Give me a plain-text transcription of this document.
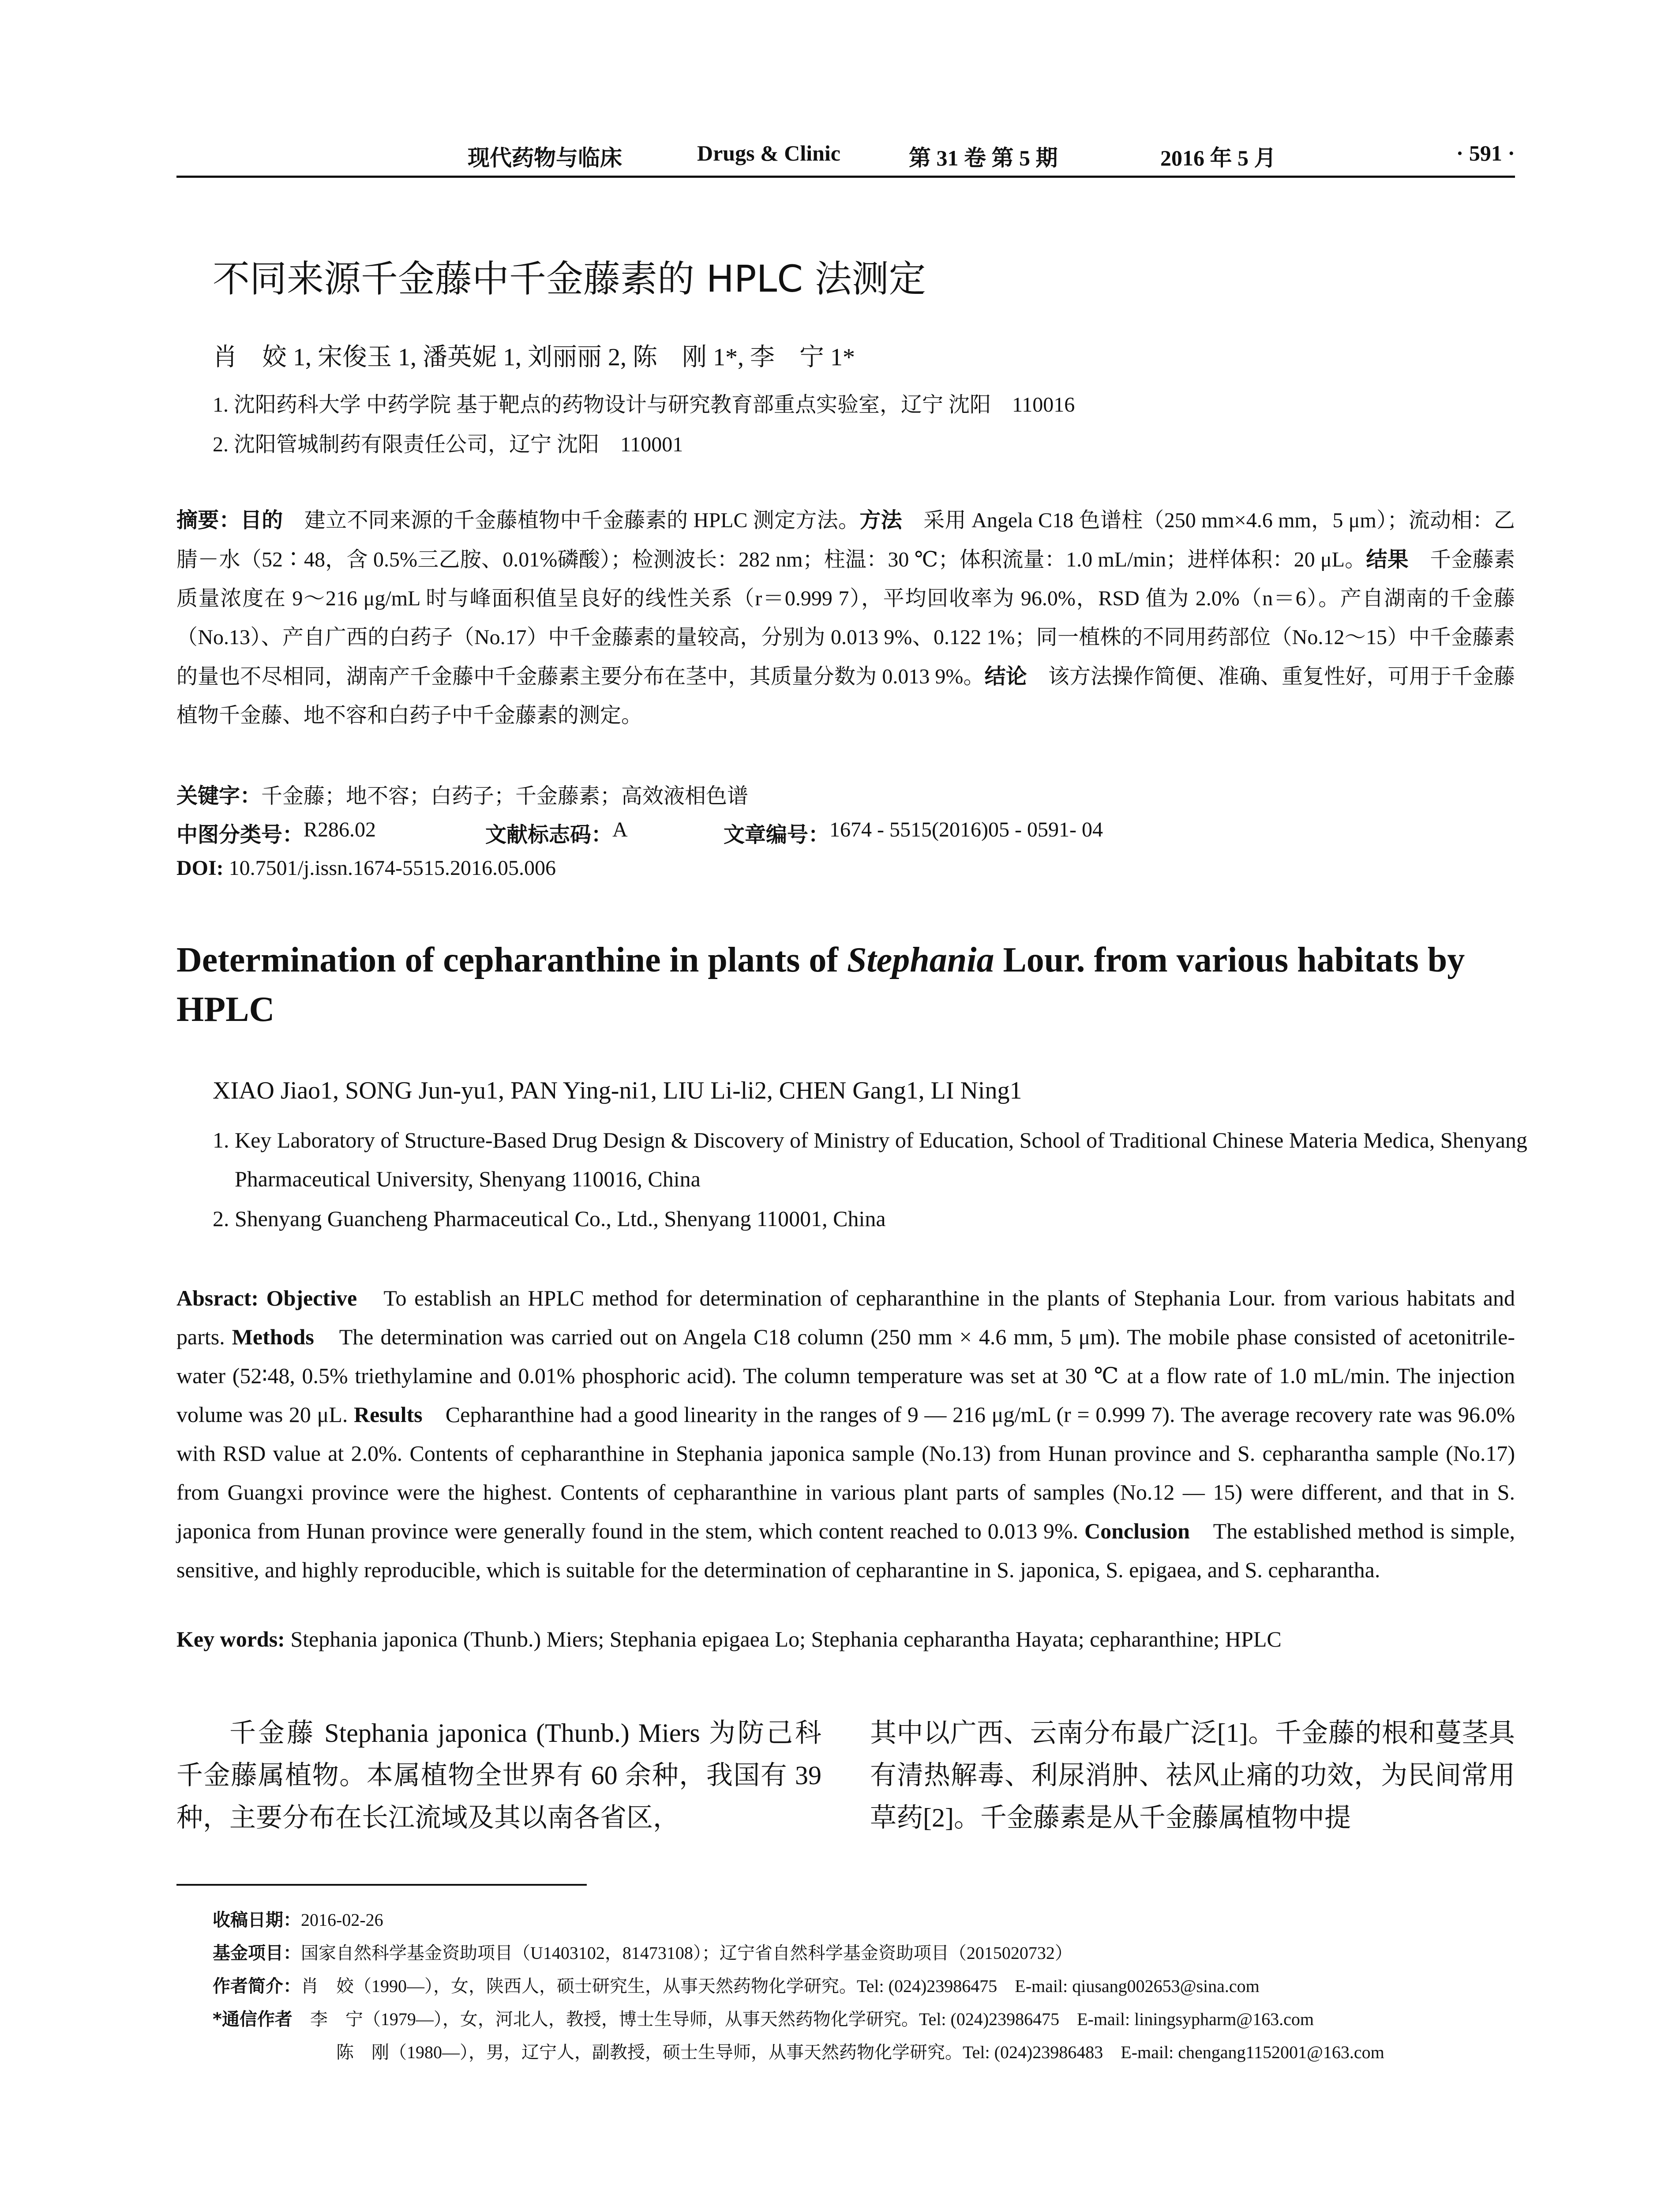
现代药物与临床	Drugs & Clinic	第 31 卷 第 5 期	2016 年 5 月	· 591 ·
不同来源千金藤中千金藤素的 HPLC 法测定
肖　姣 1, 宋俊玉 1, 潘英妮 1, 刘丽丽 2, 陈　刚 1*, 李　宁 1*
1. 沈阳药科大学 中药学院 基于靶点的药物设计与研究教育部重点实验室，辽宁 沈阳　110016
2. 沈阳管城制药有限责任公司，辽宁 沈阳　110001
摘要：目的　 建立不同来源的千金藤植物中千金藤素的 HPLC 测定方法。方法　 采用 Angela C18 色谱柱（250 mm×4.6 mm，5 μm）；流动相：乙腈－水（52∶48，含 0.5%三乙胺、0.01%磷酸）；检测波长：282 nm；柱温：30 ℃；体积流量：1.0 mL/min；进样体积：20 μL。结果　 千金藤素质量浓度在 9～216 μg/mL 时与峰面积值呈良好的线性关系（r＝0.999 7），平均回收率为 96.0%，RSD 值为 2.0%（n＝6）。产自湖南的千金藤（No.13）、产自广西的白药子（No.17）中千金藤素的量较高，分别为 0.013 9%、0.122 1%；同一植株的不同用药部位（No.12～15）中千金藤素的量也不尽相同，湖南产千金藤中千金藤素主要分布在茎中，其质量分数为 0.013 9%。结论　 该方法操作简便、准确、重复性好，可用于千金藤植物千金藤、地不容和白药子中千金藤素的测定。
关键字：千金藤；地不容；白药子；千金藤素；高效液相色谱
中图分类号： R286.02	文献标志码： A	文章编号： 1674 - 5515(2016)05 - 0591- 04
DOI: 10.7501/j.issn.1674-5515.2016.05.006
Determination of cepharanthine in plants of Stephania Lour. from various habitats by HPLC
XIAO Jiao1, SONG Jun-yu1, PAN Ying-ni1, LIU Li-li2, CHEN Gang1, LI Ning1
1. Key Laboratory of Structure-Based Drug Design & Discovery of Ministry of Education, School of Traditional Chinese Materia Medica, Shenyang Pharmaceutical University, Shenyang 110016, China
2. Shenyang Guancheng Pharmaceutical Co., Ltd., Shenyang 110001, China
Absract: Objective　 To establish an HPLC method for determination of cepharanthine in the plants of Stephania Lour. from various habitats and parts. Methods　 The determination was carried out on Angela C18 column (250 mm × 4.6 mm, 5 μm). The mobile phase consisted of acetonitrile-water (52∶48, 0.5% triethylamine and 0.01% phosphoric acid). The column temperature was set at 30 ℃ at a flow rate of 1.0 mL/min. The injection volume was 20 μL. Results　 Cepharanthine had a good linearity in the ranges of 9 — 216 μg/mL (r = 0.999 7). The average recovery rate was 96.0% with RSD value at 2.0%. Contents of cepharanthine in Stephania japonica sample (No.13) from Hunan province and S. cepharantha sample (No.17) from Guangxi province were the highest. Contents of cepharanthine in various plant parts of samples (No.12 — 15) were different, and that in S. japonica from Hunan province were generally found in the stem, which content reached to 0.013 9%. Conclusion　 The established method is simple, sensitive, and highly reproducible, which is suitable for the determination of cepharantine in S. japonica, S. epigaea, and S. cepharantha.
Key words: Stephania japonica (Thunb.) Miers; Stephania epigaea Lo; Stephania cepharantha Hayata; cepharanthine; HPLC
千金藤 Stephania japonica (Thunb.) Miers 为防己科千金藤属植物。本属植物全世界有 60 余种，我国有 39 种，主要分布在长江流域及其以南各省区，
其中以广西、云南分布最广泛[1]。千金藤的根和蔓茎具有清热解毒、利尿消肿、祛风止痛的功效，为民间常用草药[2]。千金藤素是从千金藤属植物中提
收稿日期：2016-02-26
基金项目：国家自然科学基金资助项目（U1403102，81473108）；辽宁省自然科学基金资助项目（2015020732）
作者简介：肖　姣（1990—），女，陕西人，硕士研究生，从事天然药物化学研究。Tel: (024)23986475　E-mail: qiusang002653@sina.com
*通信作者　 李　宁（1979—），女，河北人，教授，博士生导师，从事天然药物化学研究。Tel: (024)23986475　E-mail: liningsypharm@163.com
陈　刚（1980—），男，辽宁人，副教授，硕士生导师，从事天然药物化学研究。Tel: (024)23986483　E-mail: chengang1152001@163.com
